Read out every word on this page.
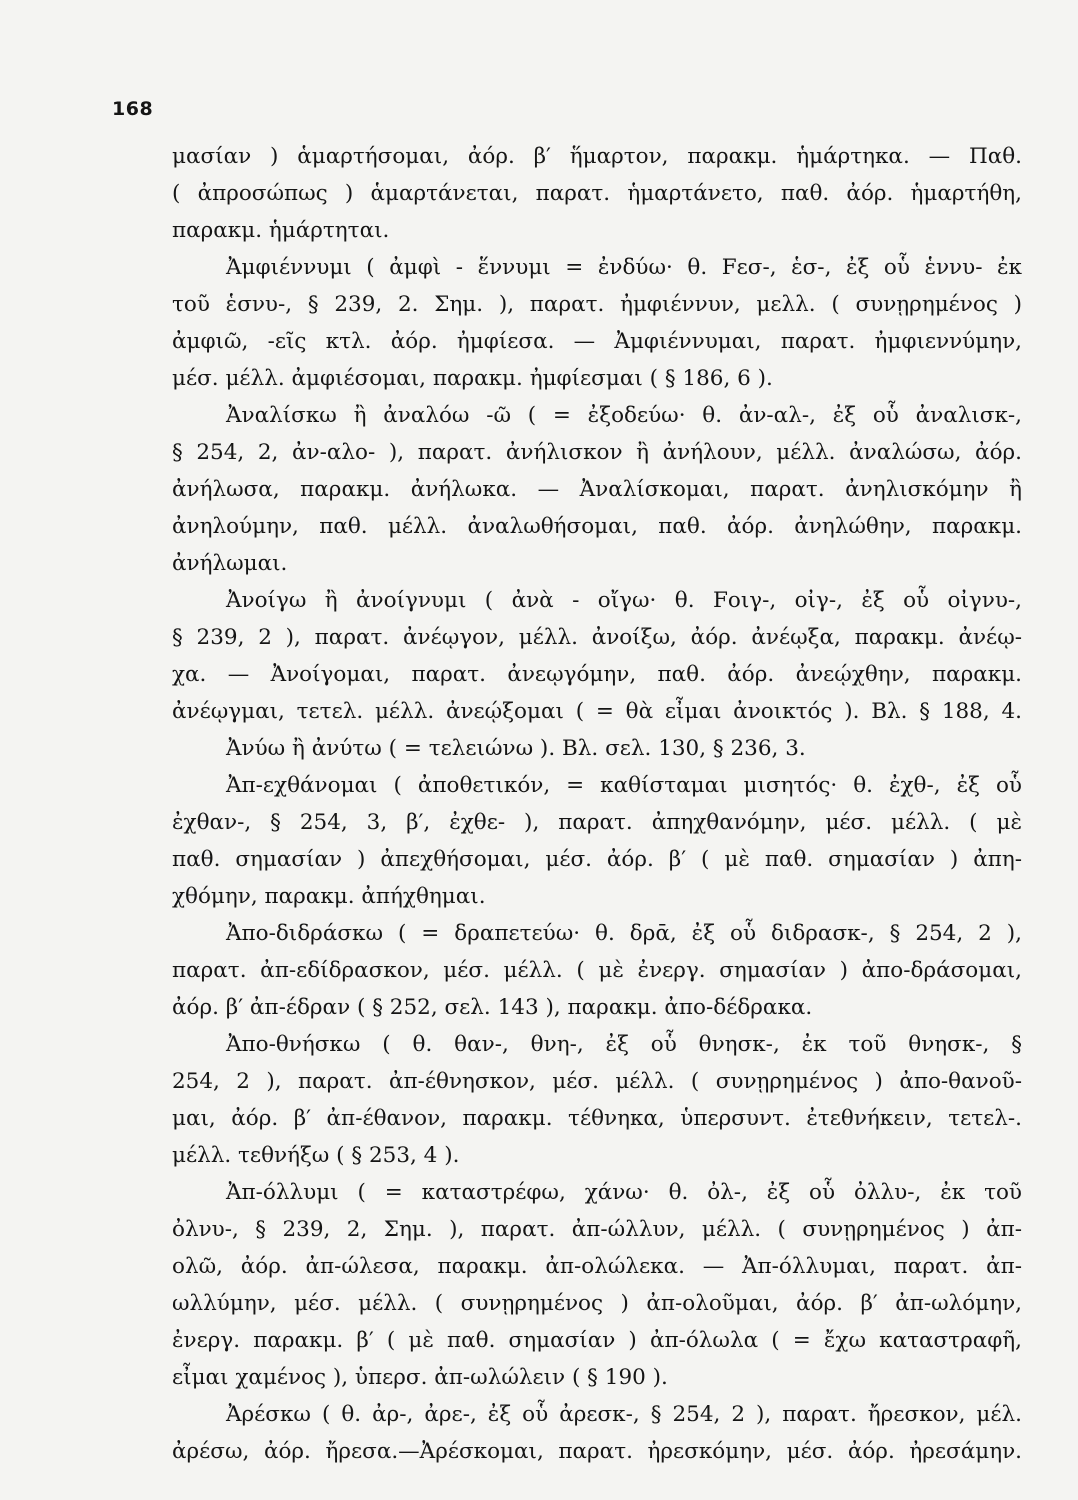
168
μασίαν ) ἁμαρτήσομαι, ἀόρ. β′ ἥμαρτον, παρακμ. ἡμάρτηκα. — Παθ.
( ἀπροσώπως ) ἁμαρτάνεται, παρατ. ἡμαρτάνετο, παθ. ἀόρ. ἡμαρτήθη,
παρακμ. ἡμάρτηται.
Ἀμφιέννυμι ( ἀμφὶ - ἕννυμι = ἐνδύω· θ. Fεσ-, ἑσ-, ἐξ οὗ ἑννυ- ἐκ
τοῦ ἑσνυ-, § 239, 2. Σημ. ), παρατ. ἠμφιέννυν, μελλ. ( συνῃρημένος )
ἀμφιῶ, -εῖς κτλ. ἀόρ. ἠμφίεσα. — Ἀμφιέννυμαι, παρατ. ἠμφιεννύμην,
μέσ. μέλλ. ἀμφιέσομαι, παρακμ. ἠμφίεσμαι ( § 186, 6 ).
Ἀναλίσκω ἢ ἀναλόω -ῶ ( = ἐξοδεύω· θ. ἀν-αλ-, ἐξ οὗ ἀναλισκ-,
§ 254, 2, ἀν-αλο- ), παρατ. ἀνήλισκον ἢ ἀνήλουν, μέλλ. ἀναλώσω, ἀόρ.
ἀνήλωσα, παρακμ. ἀνήλωκα. — Ἀναλίσκομαι, παρατ. ἀνηλισκόμην ἢ
ἀνηλούμην, παθ. μέλλ. ἀναλωθήσομαι, παθ. ἀόρ. ἀνηλώθην, παρακμ.
ἀνήλωμαι.
Ἀνοίγω ἢ ἀνοίγνυμι ( ἀνὰ - οἴγω· θ. Fοιγ-, οἰγ-, ἐξ οὗ οἰγνυ-,
§ 239, 2 ), παρατ. ἀνέῳγον, μέλλ. ἀνοίξω, ἀόρ. ἀνέῳξα, παρακμ. ἀνέῳ-
χα. — Ἀνοίγομαι, παρατ. ἀνεῳγόμην, παθ. ἀόρ. ἀνεῴχθην, παρακμ.
ἀνέῳγμαι, τετελ. μέλλ. ἀνεῴξομαι ( = θὰ εἶμαι ἀνοικτός ). Βλ. § 188, 4.
Ἀνύω ἢ ἀνύτω ( = τελειώνω ). Βλ. σελ. 130, § 236, 3.
Ἀπ-εχθάνομαι ( ἀποθετικόν, = καθίσταμαι μισητός· θ. ἐχθ-, ἐξ οὗ
ἐχθαν-, § 254, 3, β′, ἐχθε- ), παρατ. ἀπηχθανόμην, μέσ. μέλλ. ( μὲ
παθ. σημασίαν ) ἀπεχθήσομαι, μέσ. ἀόρ. β′ ( μὲ παθ. σημασίαν ) ἀπη-
χθόμην, παρακμ. ἀπήχθημαι.
Ἀπο-διδράσκω ( = δραπετεύω· θ. δρᾱ, ἐξ οὗ διδρασκ-, § 254, 2 ),
παρατ. ἀπ-εδίδρασκον, μέσ. μέλλ. ( μὲ ἐνεργ. σημασίαν ) ἀπο-δράσομαι,
ἀόρ. β′ ἀπ-έδραν ( § 252, σελ. 143 ), παρακμ. ἀπο-δέδρακα.
Ἀπο-θνήσκω ( θ. θαν-, θνη-, ἐξ οὗ θνησκ-, ἐκ τοῦ θνησκ-, §
254, 2 ), παρατ. ἀπ-έθνησκον, μέσ. μέλλ. ( συνῃρημένος ) ἀπο-θανοῦ-
μαι, ἀόρ. β′ ἀπ-έθανον, παρακμ. τέθνηκα, ὑπερσυντ. ἐτεθνήκειν, τετελ-.
μέλλ. τεθνήξω ( § 253, 4 ).
Ἀπ-όλλυμι ( = καταστρέφω, χάνω· θ. ὀλ-, ἐξ οὗ ὀλλυ-, ἐκ τοῦ
ὀλνυ-, § 239, 2, Σημ. ), παρατ. ἀπ-ώλλυν, μέλλ. ( συνῃρημένος ) ἀπ-
ολῶ, ἀόρ. ἀπ-ώλεσα, παρακμ. ἀπ-ολώλεκα. — Ἀπ-όλλυμαι, παρατ. ἀπ-
ωλλύμην, μέσ. μέλλ. ( συνῃρημένος ) ἀπ-ολοῦμαι, ἀόρ. β′ ἀπ-ωλόμην,
ἐνεργ. παρακμ. β′ ( μὲ παθ. σημασίαν ) ἀπ-όλωλα ( = ἔχω καταστραφῆ,
εἶμαι χαμένος ), ὑπερσ. ἀπ-ωλώλειν ( § 190 ).
Ἀρέσκω ( θ. ἀρ-, ἀρε-, ἐξ οὗ ἀρεσκ-, § 254, 2 ), παρατ. ἤρεσκον, μέλ.
ἀρέσω, ἀόρ. ἤρεσα.—Ἀρέσκομαι, παρατ. ἠρεσκόμην, μέσ. ἀόρ. ἠρεσάμην.
